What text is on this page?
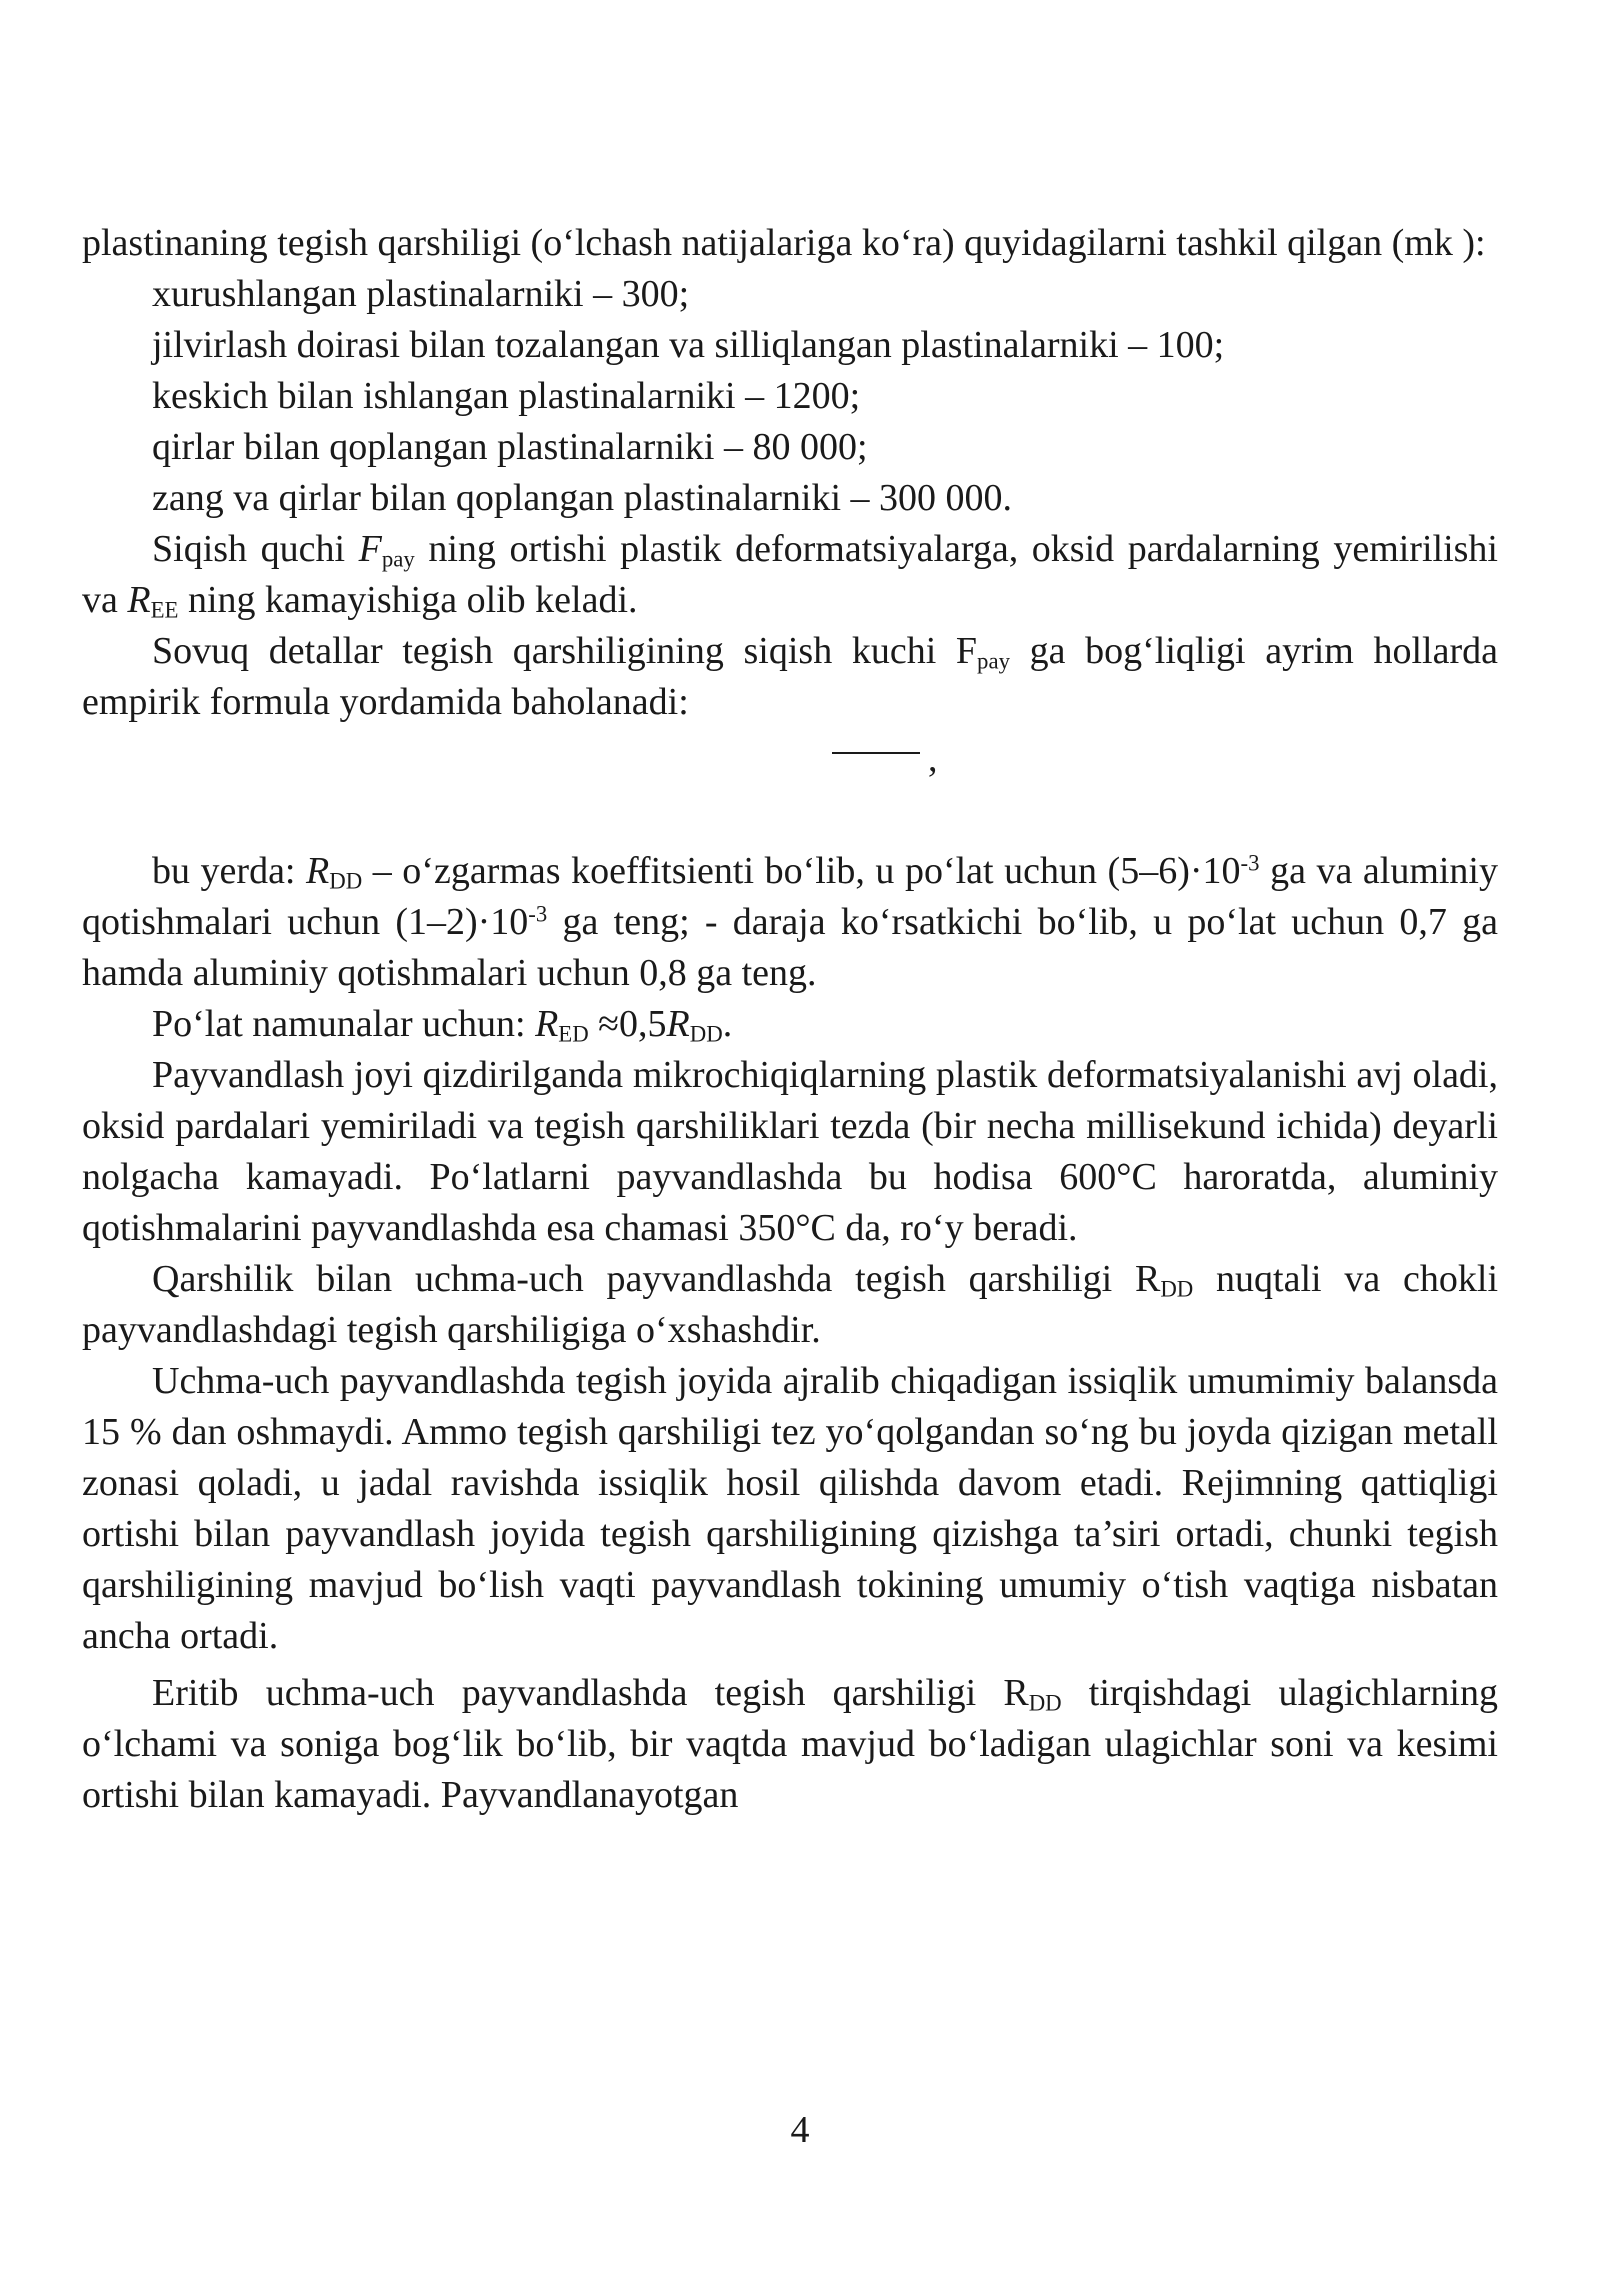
plastinaning tegish qarshiligi (o‘lchash natijalariga ko‘ra) quyidagilarni tashkil qilgan (mk ):

xurushlangan plastinalarniki – 300;
jilvirlash doirasi bilan tozalangan va silliqlangan plastinalarniki – 100;
keskich bilan ishlangan plastinalarniki – 1200;
qirlar bilan qoplangan plastinalarniki – 80 000;
zang va qirlar bilan qoplangan plastinalarniki – 300 000.

Siqish quchi $F_{pay}$ ning ortishi plastik deformatsiyalarga, oksid pardalarning yemirilishi va $R_{EE}$ ning kamayishiga olib keladi.

Sovuq detallar tegish qarshiligining siqish kuchi $F_{pay}$ ga bog‘liqligi ayrim hollarda empirik formula yordamida baholanadi:

,

bu yerda: $R_{DD}$ – o‘zgarmas koeffitsienti bo‘lib, u po‘lat uchun $(5-6)\cdot 10^{-3}$ ga va aluminiy qotishmalari uchun $(1-2)\cdot 10^{-3}$ ga teng; - daraja ko‘rsatkichi bo‘lib, u po‘lat uchun 0,7 ga hamda aluminiy qotishmalari uchun 0,8 ga teng.

Po‘lat namunalar uchun: $R_{ED} \approx 0,5R_{DD}$.

Payvandlash joyi qizdirilganda mikrochiqiqlarning plastik deformatsiyalanishi avj oladi, oksid pardalari yemiriladi va tegish qarshiliklari tezda (bir necha millisekund ichida) deyarli nolgacha kamayadi. Po‘latlarni payvandlashda bu hodisa 600°C haroratda, aluminiy qotishmalarini payvandlashda esa chamasi 350°C da, ro‘y beradi.

Qarshilik bilan uchma-uch payvandlashda tegish qarshiligi $R_{DD}$ nuqtali va chokli payvandlashdagi tegish qarshiligiga o‘xshashdir.

Uchma-uch payvandlashda tegish joyida ajralib chiqadigan issiqlik umumimiy balansda 15 % dan oshmaydi. Ammo tegish qarshiligi tez yo‘qolgandan so‘ng bu joyda qizigan metall zonasi qoladi, u jadal ravishda issiqlik hosil qilishda davom etadi. Rejimning qattiqligi ortishi bilan payvandlash joyida tegish qarshiligining qizishga ta’siri ortadi, chunki tegish qarshiligining mavjud bo‘lish vaqti payvandlash tokining umumiy o‘tish vaqtiga nisbatan ancha ortadi.

Eritib uchma-uch payvandlashda tegish qarshiligi $R_{DD}$ tirqishdagi ulagichlarning o‘lchami va soniga bog‘lik bo‘lib, bir vaqtda mavjud bo‘ladigan ulagichlar soni va kesimi ortishi bilan kamayadi. Payvandlanayotgan

4
